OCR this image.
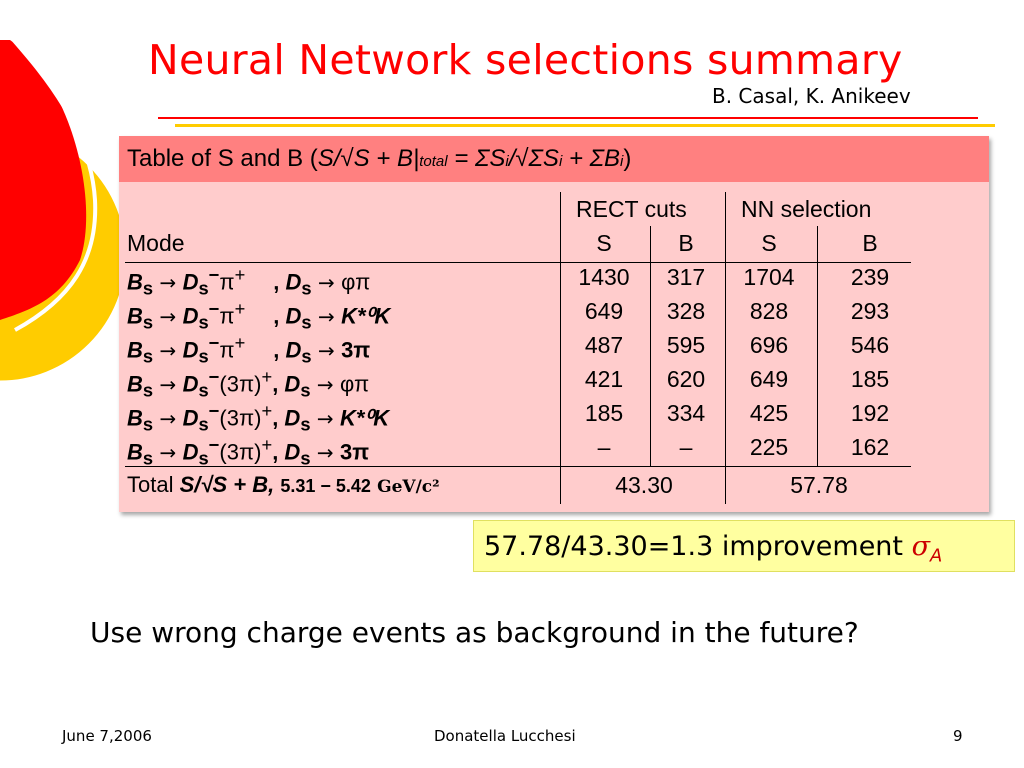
Neural Network selections summary
B. Casal, K. Anikeev
Table of S and B (S/√S + B|total = ΣSi/√ΣSi + ΣBi)
RECT cuts NN selection
Mode	S	B	S	B
$B_s \to D_s^-\pi^+$ , $D_s \to \varphi\pi$	1430	317	1704	239
$B_s \to D_s^-\pi^+$ , $D_s \to K*^0K$	649	328	828	293
$B_s \to D_s^-\pi^+$ , $D_s \to 3\pi$	487	595	696	546
$B_s \to D_s^-(3\pi)^+$, $D_s \to \varphi\pi$	421	620	649	185
$B_s \to D_s^-(3\pi)^+$, $D_s \to K*^0K$	185	334	425	192
$B_s \to D_s^-(3\pi)^+$, $D_s \to 3\pi$	–	–	225	162
Total S/√S + B, 5.31 − 5.42 GeV/c²	43.30	57.78
57.78/43.30=1.3 improvement $\sigma_A$
Use wrong charge events as background in the future?
June 7,2006	Donatella Lucchesi	9
